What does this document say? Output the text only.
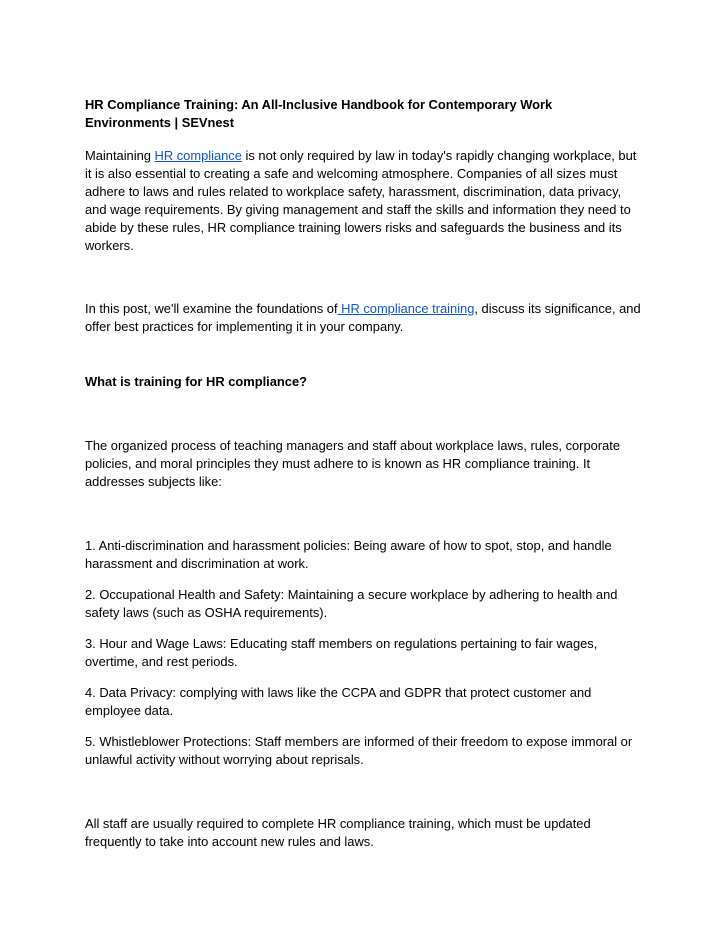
HR Compliance Training: An All-Inclusive Handbook for Contemporary Work Environments | SEVnest

Maintaining HR compliance is not only required by law in today's rapidly changing workplace, but it is also essential to creating a safe and welcoming atmosphere. Companies of all sizes must adhere to laws and rules related to workplace safety, harassment, discrimination, data privacy, and wage requirements. By giving management and staff the skills and information they need to abide by these rules, HR compliance training lowers risks and safeguards the business and its workers.

In this post, we'll examine the foundations of HR compliance training, discuss its significance, and offer best practices for implementing it in your company.

What is training for HR compliance?

The organized process of teaching managers and staff about workplace laws, rules, corporate policies, and moral principles they must adhere to is known as HR compliance training. It addresses subjects like:

1. Anti-discrimination and harassment policies: Being aware of how to spot, stop, and handle harassment and discrimination at work.

2. Occupational Health and Safety: Maintaining a secure workplace by adhering to health and safety laws (such as OSHA requirements).

3. Hour and Wage Laws: Educating staff members on regulations pertaining to fair wages, overtime, and rest periods.

4. Data Privacy: complying with laws like the CCPA and GDPR that protect customer and employee data.

5. Whistleblower Protections: Staff members are informed of their freedom to expose immoral or unlawful activity without worrying about reprisals.

All staff are usually required to complete HR compliance training, which must be updated frequently to take into account new rules and laws.
